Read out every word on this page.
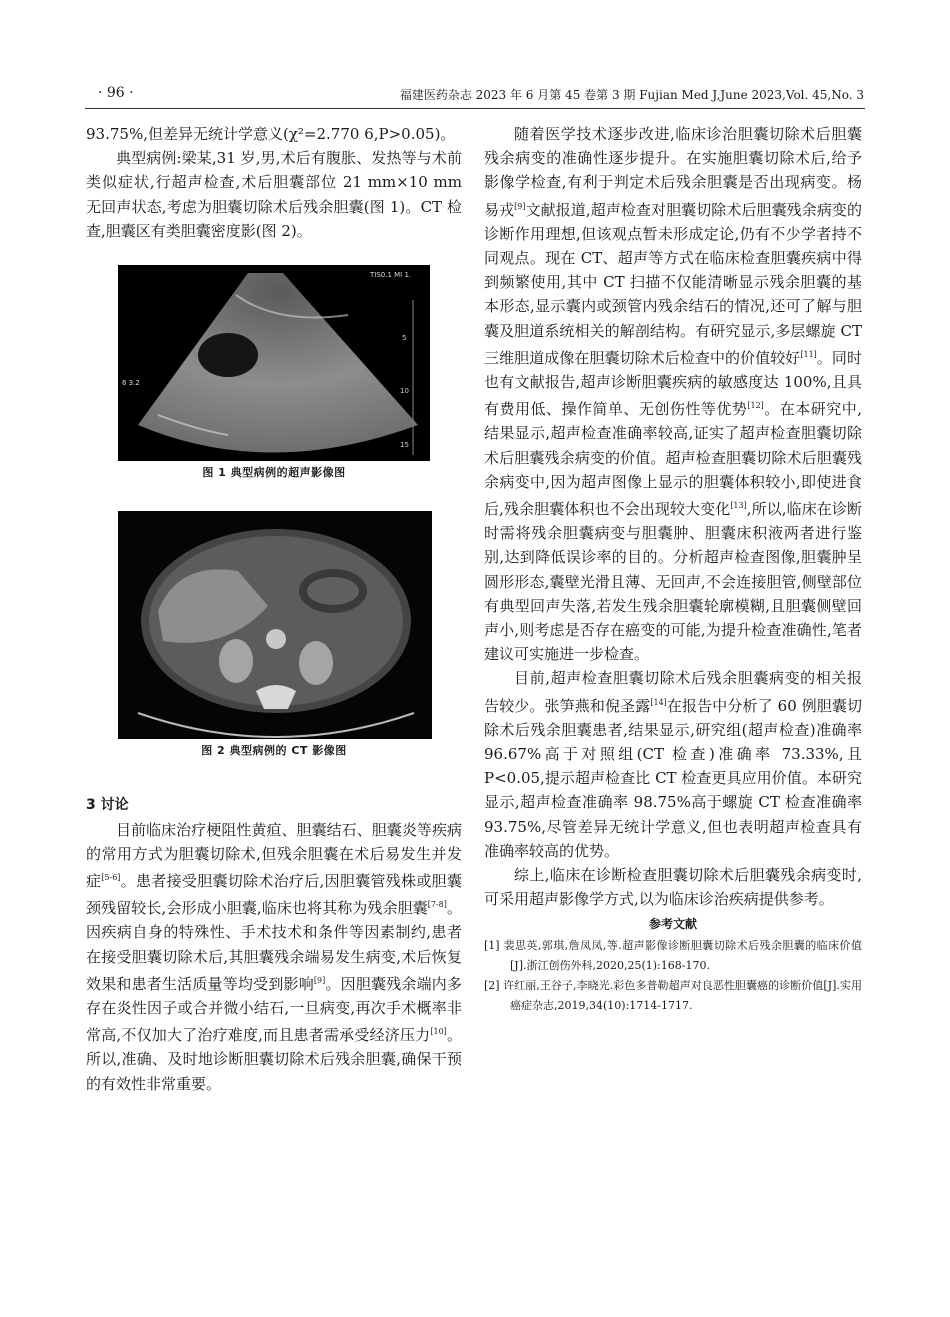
· 96 ·	福建医药杂志 2023 年 6 月第 45 卷第 3 期 Fujian Med J,June 2023,Vol. 45,No. 3

93.75%,但差异无统计学意义(χ²=2.770 6,P>0.05)。

典型病例:梁某,31 岁,男,术后有腹胀、发热等与术前类似症状,行超声检查,术后胆囊部位 21 mm×10 mm 无回声状态,考虑为胆囊切除术后残余胆囊(图 1)。CT 检查,胆囊区有类胆囊密度影(图 2)。

5
10
15
TIS0.1 MI 1.
6 3.2

图 1 典型病例的超声影像图

图 2 典型病例的 CT 影像图

3 讨论

目前临床治疗梗阻性黄疸、胆囊结石、胆囊炎等疾病的常用方式为胆囊切除术,但残余胆囊在术后易发生并发症[5-6]。患者接受胆囊切除术治疗后,因胆囊管残株或胆囊颈残留较长,会形成小胆囊,临床也将其称为残余胆囊[7-8]。因疾病自身的特殊性、手术技术和条件等因素制约,患者在接受胆囊切除术后,其胆囊残余端易发生病变,术后恢复效果和患者生活质量等均受到影响[9]。因胆囊残余端内多存在炎性因子或合并微小结石,一旦病变,再次手术概率非常高,不仅加大了治疗难度,而且患者需承受经济压力[10]。所以,准确、及时地诊断胆囊切除术后残余胆囊,确保干预的有效性非常重要。

随着医学技术逐步改进,临床诊治胆囊切除术后胆囊残余病变的准确性逐步提升。在实施胆囊切除术后,给予影像学检查,有利于判定术后残余胆囊是否出现病变。杨易戎[9]文献报道,超声检查对胆囊切除术后胆囊残余病变的诊断作用理想,但该观点暂未形成定论,仍有不少学者持不同观点。现在 CT、超声等方式在临床检查胆囊疾病中得到频繁使用,其中 CT 扫描不仅能清晰显示残余胆囊的基本形态,显示囊内或颈管内残余结石的情况,还可了解与胆囊及胆道系统相关的解剖结构。有研究显示,多层螺旋 CT 三维胆道成像在胆囊切除术后检查中的价值较好[11]。同时也有文献报告,超声诊断胆囊疾病的敏感度达 100%,且具有费用低、操作简单、无创伤性等优势[12]。在本研究中,结果显示,超声检查准确率较高,证实了超声检查胆囊切除术后胆囊残余病变的价值。超声检查胆囊切除术后胆囊残余病变中,因为超声图像上显示的胆囊体积较小,即使进食后,残余胆囊体积也不会出现较大变化[13],所以,临床在诊断时需将残余胆囊病变与胆囊肿、胆囊床积液两者进行鉴别,达到降低误诊率的目的。分析超声检查图像,胆囊肿呈圆形形态,囊壁光滑且薄、无回声,不会连接胆管,侧壁部位有典型回声失落,若发生残余胆囊轮廓模糊,且胆囊侧壁回声小,则考虑是否存在癌变的可能,为提升检查准确性,笔者建议可实施进一步检查。

目前,超声检查胆囊切除术后残余胆囊病变的相关报告较少。张笋燕和倪圣露[14]在报告中分析了 60 例胆囊切除术后残余胆囊患者,结果显示,研究组(超声检查)准确率 96.67%高于对照组(CT 检查)准确率 73.33%,且 P<0.05,提示超声检查比 CT 检查更具应用价值。本研究显示,超声检查准确率 98.75%高于螺旋 CT 检查准确率 93.75%,尽管差异无统计学意义,但也表明超声检查具有准确率较高的优势。

综上,临床在诊断检查胆囊切除术后胆囊残余病变时,可采用超声影像学方式,以为临床诊治疾病提供参考。

参考文献

[1] 裴思英,郭琪,詹凤凤,等.超声影像诊断胆囊切除术后残余胆囊的临床价值[J].浙江创伤外科,2020,25(1):168-170.

[2] 许红丽,王谷子,李晓光.彩色多普勒超声对良恶性胆囊癌的诊断价值[J].实用癌症杂志,2019,34(10):1714-1717.
